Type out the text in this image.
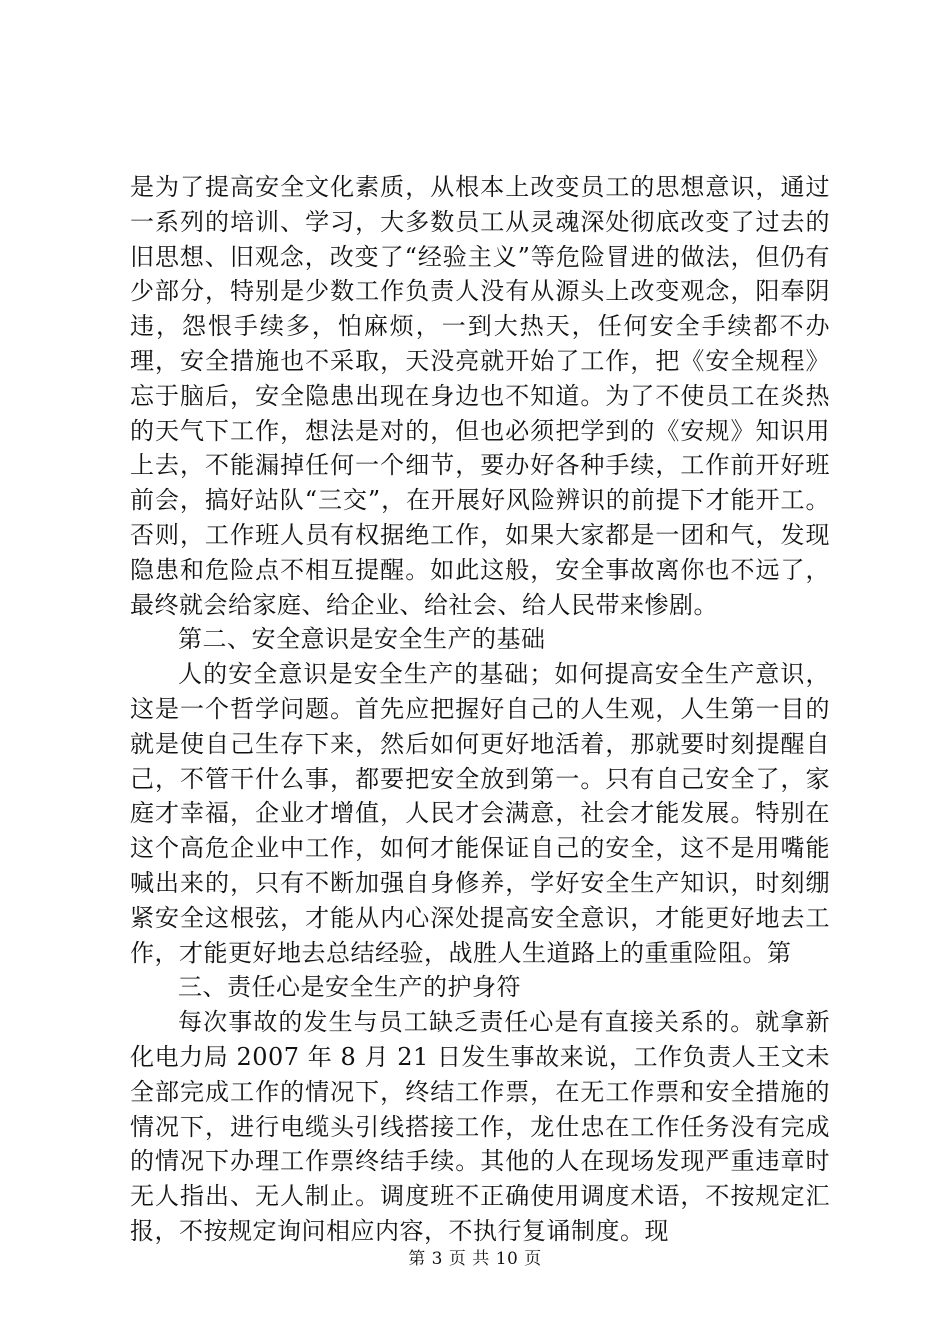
是为了提高安全文化素质，从根本上改变员工的思想意识，通过一系列的培训、学习，大多数员工从灵魂深处彻底改变了过去的旧思想、旧观念，改变了“经验主义”等危险冒进的做法，但仍有少部分，特别是少数工作负责人没有从源头上改变观念，阳奉阴违，怨恨手续多，怕麻烦，一到大热天，任何安全手续都不办理，安全措施也不采取，天没亮就开始了工作，把《安全规程》忘于脑后，安全隐患出现在身边也不知道。为了不使员工在炎热的天气下工作，想法是对的，但也必须把学到的《安规》知识用上去，不能漏掉任何一个细节，要办好各种手续，工作前开好班前会，搞好站队“三交”，在开展好风险辨识的前提下才能开工。否则，工作班人员有权据绝工作，如果大家都是一团和气，发现隐患和危险点不相互提醒。如此这般，安全事故离你也不远了，最终就会给家庭、给企业、给社会、给人民带来惨剧。

第二、安全意识是安全生产的基础

人的安全意识是安全生产的基础；如何提高安全生产意识，这是一个哲学问题。首先应把握好自己的人生观，人生第一目的就是使自己生存下来，然后如何更好地活着，那就要时刻提醒自己，不管干什么事，都要把安全放到第一。只有自己安全了，家庭才幸福，企业才增值，人民才会满意，社会才能发展。特别在这个高危企业中工作，如何才能保证自己的安全，这不是用嘴能喊出来的，只有不断加强自身修养，学好安全生产知识，时刻绷紧安全这根弦，才能从内心深处提高安全意识，才能更好地去工作，才能更好地去总结经验，战胜人生道路上的重重险阻。第

三、责任心是安全生产的护身符

每次事故的发生与员工缺乏责任心是有直接关系的。就拿新化电力局 2007 年 8 月 21 日发生事故来说，工作负责人王文未全部完成工作的情况下，终结工作票，在无工作票和安全措施的情况下，进行电缆头引线搭接工作，龙仕忠在工作任务没有完成的情况下办理工作票终结手续。其他的人在现场发现严重违章时无人指出、无人制止。调度班不正确使用调度术语，不按规定汇报，不按规定询问相应内容，不执行复诵制度。现

第 3 页 共 10 页
